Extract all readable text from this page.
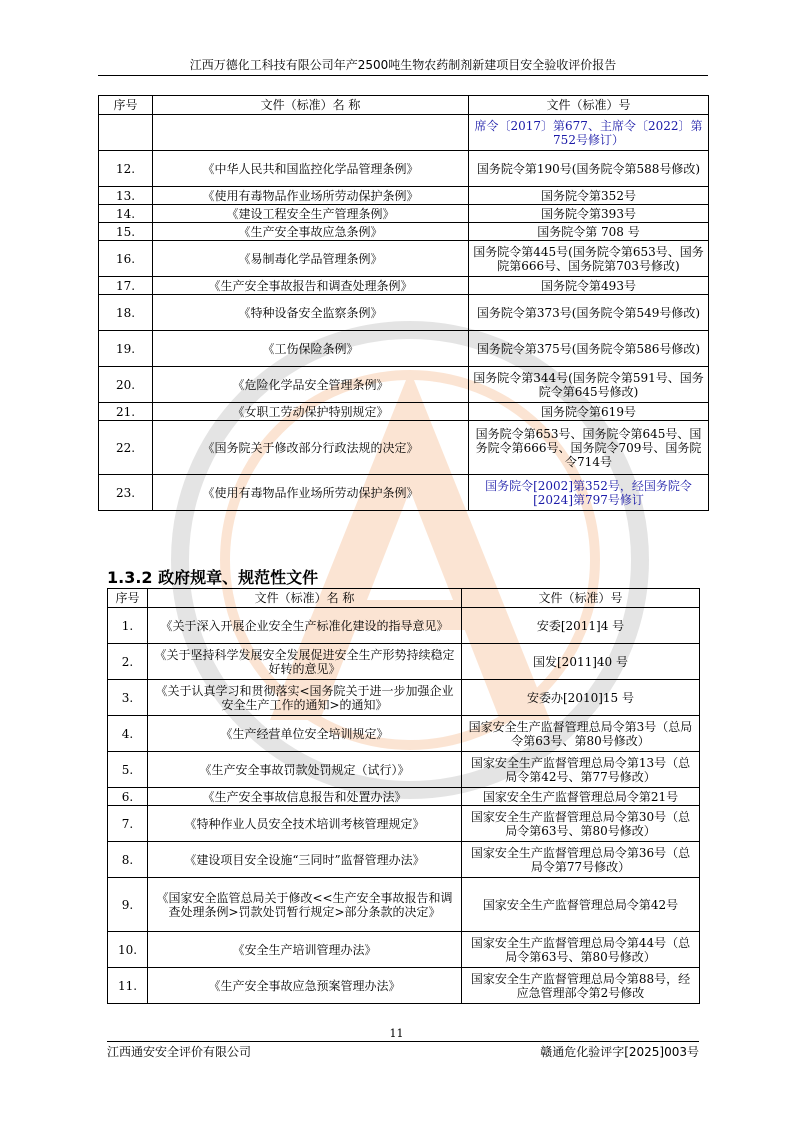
江西万德化工科技有限公司年产2500吨生物农药制剂新建项目安全验收评价报告
序号	文件（标准）名 称	文件（标准）号
		席令〔2017〕第677、主席令〔2022〕第752号修订）
12.	《中华人民共和国监控化学品管理条例》	国务院令第190号(国务院令第588号修改)
13.	《使用有毒物品作业场所劳动保护条例》	国务院令第352号
14.	《建设工程安全生产管理条例》	国务院令第393号
15.	《生产安全事故应急条例》	国务院令第 708 号
16.	《易制毒化学品管理条例》	国务院令第445号(国务院令第653号、国务院第666号、国务院第703号修改)
17.	《生产安全事故报告和调查处理条例》	国务院令第493号
18.	《特种设备安全监察条例》	国务院令第373号(国务院令第549号修改)
19.	《工伤保险条例》	国务院令第375号(国务院令第586号修改)
20.	《危险化学品安全管理条例》	国务院令第344号(国务院令第591号、国务院令第645号修改)
21.	《女职工劳动保护特别规定》	国务院令第619号
22.	《国务院关于修改部分行政法规的决定》	国务院令第653号、国务院令第645号、国务院令第666号、国务院令709号、国务院令714号
23.	《使用有毒物品作业场所劳动保护条例》	国务院令[2002]第352号，经国务院令[2024]第797号修订
1.3.2 政府规章、规范性文件
序号	文件（标准）名 称	文件（标准）号
1.	《关于深入开展企业安全生产标准化建设的指导意见》	安委[2011]4 号
2.	《关于坚持科学发展安全发展促进安全生产形势持续稳定好转的意见》	国发[2011]40 号
3.	《关于认真学习和贯彻落实<国务院关于进一步加强企业安全生产工作的通知>的通知》	安委办[2010]15 号
4.	《生产经营单位安全培训规定》	国家安全生产监督管理总局令第3号（总局令第63号、第80号修改）
5.	《生产安全事故罚款处罚规定（试行）》	国家安全生产监督管理总局令第13号（总局令第42号、第77号修改）
6.	《生产安全事故信息报告和处置办法》	国家安全生产监督管理总局令第21号
7.	《特种作业人员安全技术培训考核管理规定》	国家安全生产监督管理总局令第30号（总局令第63号、第80号修改）
8.	《建设项目安全设施“三同时”监督管理办法》	国家安全生产监督管理总局令第36号（总局令第77号修改）
9.	《国家安全监管总局关于修改<<生产安全事故报告和调查处理条例>罚款处罚暂行规定>部分条款的决定》	国家安全生产监督管理总局令第42号
10.	《安全生产培训管理办法》	国家安全生产监督管理总局令第44号（总局令第63号、第80号修改）
11.	《生产安全事故应急预案管理办法》	国家安全生产监督管理总局令第88号，经应急管理部令第2号修改
11
江西通安安全评价有限公司	赣通危化验评字[2025]003号
